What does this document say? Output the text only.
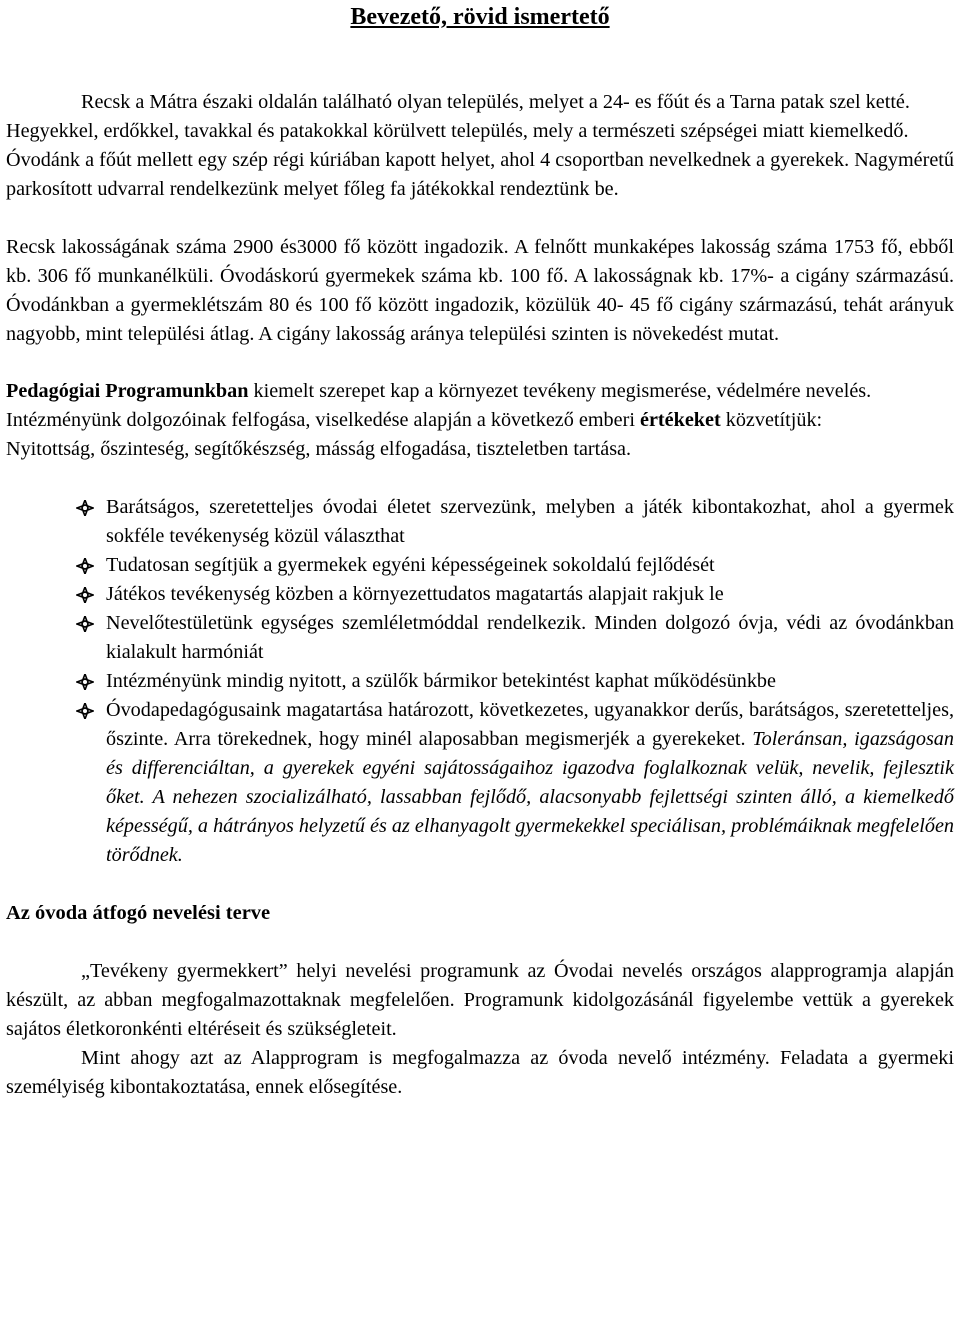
Bevezető, rövid ismertető

Recsk a Mátra északi oldalán található olyan település, melyet a 24- es főút és a Tarna patak szel ketté.

Hegyekkel, erdőkkel, tavakkal és patakokkal körülvett település, mely a természeti szépségei miatt kiemelkedő.

Óvodánk a főút mellett egy szép régi kúriában kapott helyet, ahol 4 csoportban nevelkednek a gyerekek. Nagyméretű parkosított udvarral rendelkezünk melyet főleg fa játékokkal rendeztünk be.

Recsk lakosságának száma 2900 és3000 fő között ingadozik. A felnőtt munkaképes lakosság száma 1753 fő, ebből kb. 306 fő munkanélküli. Óvodáskorú gyermekek száma kb. 100 fő. A lakosságnak kb. 17%- a cigány származású. Óvodánkban a gyermeklétszám 80 és 100 fő között ingadozik, közülük 40- 45 fő cigány származású, tehát arányuk nagyobb, mint települési átlag. A cigány lakosság aránya települési szinten is növekedést mutat.

Pedagógiai Programunkban kiemelt szerepet kap a környezet tevékeny megismerése, védelmére nevelés.

Intézményünk dolgozóinak felfogása, viselkedése alapján a következő emberi értékeket közvetítjük:

Nyitottság, őszinteség, segítőkészség, másság elfogadása, tiszteletben tartása.

Barátságos, szeretetteljes óvodai életet szervezünk, melyben a játék kibontakozhat, ahol a gyermek sokféle tevékenység közül választhat
Tudatosan segítjük a gyermekek egyéni képességeinek sokoldalú fejlődését
Játékos tevékenység közben a környezettudatos magatartás alapjait rakjuk le
Nevelőtestületünk egységes szemléletmóddal rendelkezik. Minden dolgozó óvja, védi az óvodánkban kialakult harmóniát
Intézményünk mindig nyitott, a szülők bármikor betekintést kaphat működésünkbe
Óvodapedagógusaink magatartása határozott, következetes, ugyanakkor derűs, barátságos, szeretetteljes, őszinte. Arra törekednek, hogy minél alaposabban megismerjék a gyerekeket. Toleránsan, igazságosan és differenciáltan, a gyerekek egyéni sajátosságaihoz igazodva foglalkoznak velük, nevelik, fejlesztik őket. A nehezen szocializálható, lassabban fejlődő, alacsonyabb fejlettségi szinten álló, a kiemelkedő képességű, a hátrányos helyzetű és az elhanyagolt gyermekekkel speciálisan, problémáiknak megfelelően törődnek.

Az óvoda átfogó nevelési terve

„Tevékeny gyermekkert” helyi nevelési programunk az Óvodai nevelés országos alapprogramja alapján készült, az abban megfogalmazottaknak megfelelően. Programunk kidolgozásánál figyelembe vettük a gyerekek sajátos életkoronkénti eltéréseit és szükségleteit.

Mint ahogy azt az Alapprogram is megfogalmazza az óvoda nevelő intézmény. Feladata a gyermeki személyiség kibontakoztatása, ennek elősegítése.
